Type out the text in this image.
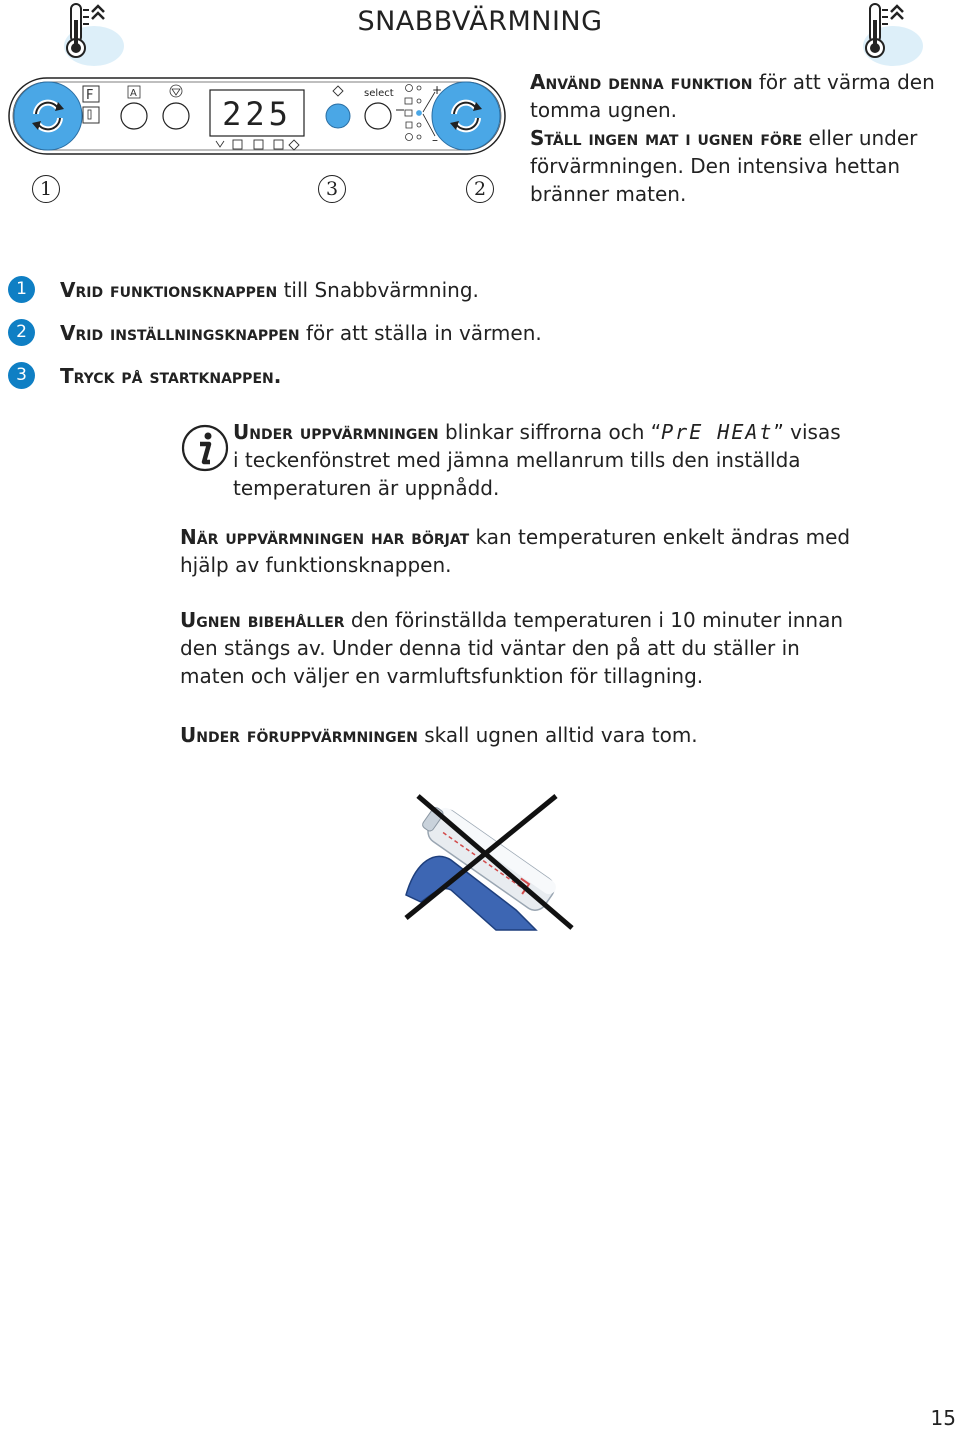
SNABBVÄRMNING
F	A
225
select	+
–
1	3	2
Använd denna funktion för att värma den tomma ugnen.
Ställ ingen mat i ugnen före eller under förvärmningen. Den intensiva hettan bränner maten.
1	Vrid funktionsknappen till Snabbvärmning.
2	Vrid inställningsknappen för att ställa in värmen.
3	Tryck på startknappen.
Under uppvärmningen blinkar siffrorna och “PrE HEAt” visas i teckenfönstret med jämna mellanrum tills den inställda temperaturen är uppnådd.
När uppvärmningen har börjat kan temperaturen enkelt ändras med hjälp av funktionsknappen.
Ugnen bibehåller den förinställda temperaturen i 10 minuter innan den stängs av. Under denna tid väntar den på att du ställer in maten och väljer en varmluftsfunktion för tillagning.
Under föruppvärmningen skall ugnen alltid vara tom.
15
